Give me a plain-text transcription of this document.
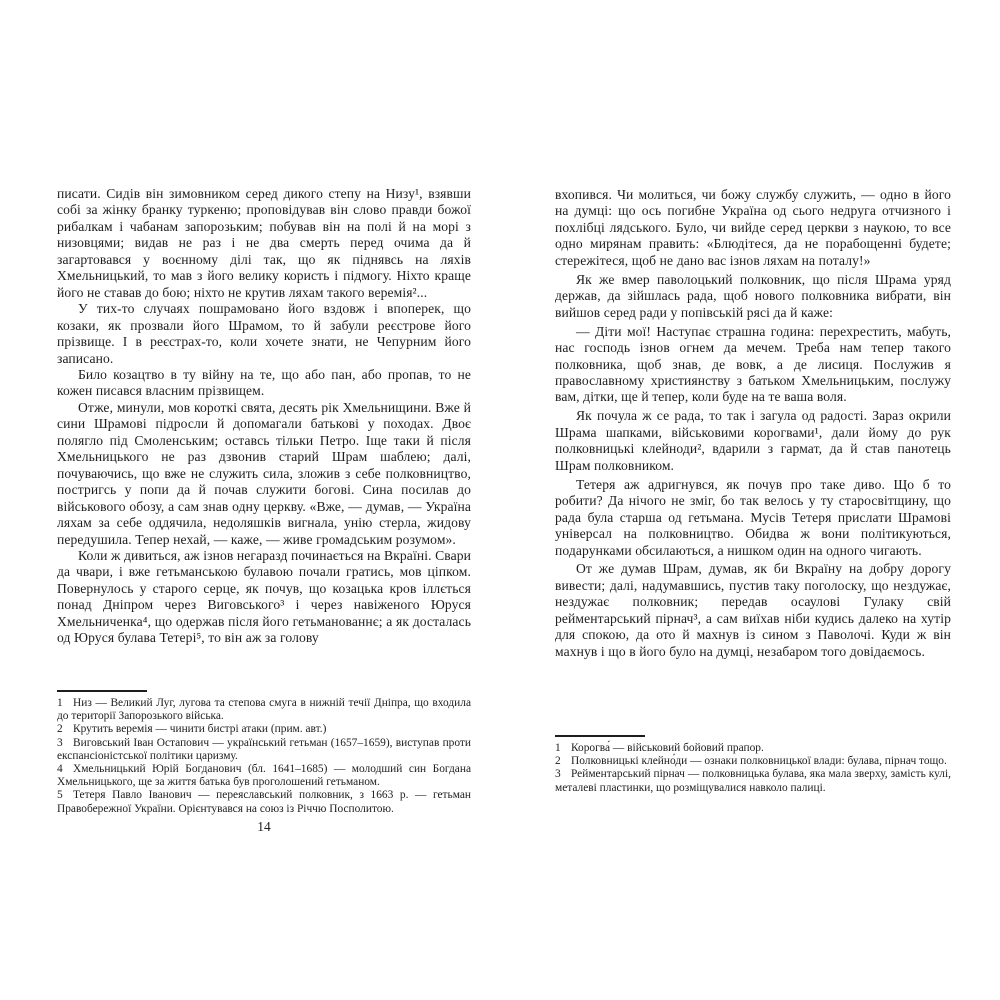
писати. Сидів він зимовником серед дикого степу на Низу¹, взявши собі за жінку бранку туркеню; проповідував він слово правди божої рибалкам і чабанам запорозьким; побував він на полі й на морі з низовцями; видав не раз і не два смерть перед очима да й загартовався у воєнному ділі так, що як піднявсь на ляхів Хмельницький, то мав з його велику користь і підмогу. Ніхто краще його не ставав до бою; ніхто не крутив ляхам такого веремія²...

У тих-то случаях пошрамовано його вздовж і впоперек, що козаки, як прозвали його Шрамом, то й забули реєстрове його прізвище. І в реєстрах-то, коли хочете знати, не Чепурним його записано.

Било козацтво в ту війну на те, що або пан, або пропав, то не кожен писався власним прізвищем.

Отже, минули, мов короткі свята, десять рік Хмельнищини. Вже й сини Шрамові підросли й допомагали батькові у походах. Двоє полягло під Смоленським; оставсь тільки Петро. Іще таки й після Хмельницького не раз дзвонив старий Шрам шаблею; далі, почуваючись, що вже не служить сила, зложив з себе полковництво, постригсь у попи да й почав служити богові. Сина посилав до військового обозу, а сам знав одну церкву. «Вже, — думав, — Україна ляхам за себе оддячила, недоляшків вигнала, унію стерла, жидову передушила. Тепер нехай, — каже, — живе громадським розумом».

Коли ж дивиться, аж ізнов негаразд починається на Вкраїні. Свари да чвари, і вже гетьманською булавою почали гратись, мов ціпком. Повернулось у старого серце, як почув, що козацька кров іллється понад Дніпром через Виговського³ і через навіженого Юруся Хмельниченка⁴, що одержав після його гетьманованнє; а як досталась од Юруся булава Тетері⁵, то він аж за голову

1 Низ — Великий Луг, лугова та степова смуга в нижній течії Дніпра, що входила до території Запорозького війська.

2 Крутить веремія — чинити бистрі атаки (прим. авт.)

3 Виговський Іван Остапович — український гетьман (1657–1659), виступав проти експансіоністської політики царизму.

4 Хмельницький Юрій Богданович (бл. 1641–1685) — молодший син Богдана Хмельницького, ще за життя батька був проголошений гетьманом.

5 Тетеря Павло Іванович — переяславський полковник, з 1663 р. — гетьман Правобережної України. Орієнтувався на союз із Річчю Посполитою.

14

вхопився. Чи молиться, чи божу службу служить, — одно в його на думці: що ось погибне Україна од сього недруга отчизного і похлібці лядського. Було, чи вийде серед церкви з наукою, то все одно мирянам править: «Блюдітеся, да не порабощенні будете; стережітеся, щоб не дано вас ізнов ляхам на поталу!»

Як же вмер паволоцький полковник, що після Шрама уряд держав, да зійшлась рада, щоб нового полковника вибрати, він вийшов серед ради у попівській рясі да й каже:

— Діти мої! Наступає страшна година: перехрестить, мабуть, нас господь ізнов огнем да мечем. Треба нам тепер такого полковника, щоб знав, де вовк, а де лисиця. Послужив я православному християнству з батьком Хмельницьким, послужу вам, дітки, ще й тепер, коли буде на те ваша воля.

Як почула ж се рада, то так і загула од радості. Зараз окрили Шрама шапками, військовими корогвами¹, дали йому до рук полковницькі клейноди², вдарили з гармат, да й став панотець Шрам полковником.

Тетеря аж адригнувся, як почув про таке диво. Що б то робити? Да нічого не зміг, бо так велось у ту старосвітщину, що рада була старша од гетьмана. Мусів Тетеря прислати Шрамові універсал на полковництво. Обидва ж вони політикуються, подарунками обсилаються, а нишком один на одного чигають.

От же думав Шрам, думав, як би Вкраїну на добру дорогу вивести; далі, надумавшись, пустив таку поголоску, що нездужає, нездужає полковник; передав осаулові Гулаку свій рейментарський пірнач³, а сам виїхав ніби кудись далеко на хутір для спокою, да ото й махнув із сином з Паволочі. Куди ж він махнув і що в його було на думці, незабаром того довідаємось.

1 Корогва́ — військовий бойовий прапор.

2 Полковницькі клейно́ди — ознаки полковницької влади: булава, пірнач тощо.

3 Рейментарський пірнач — полковницька булава, яка мала зверху, замість кулі, металеві пластинки, що розміщувалися навколо палиці.
